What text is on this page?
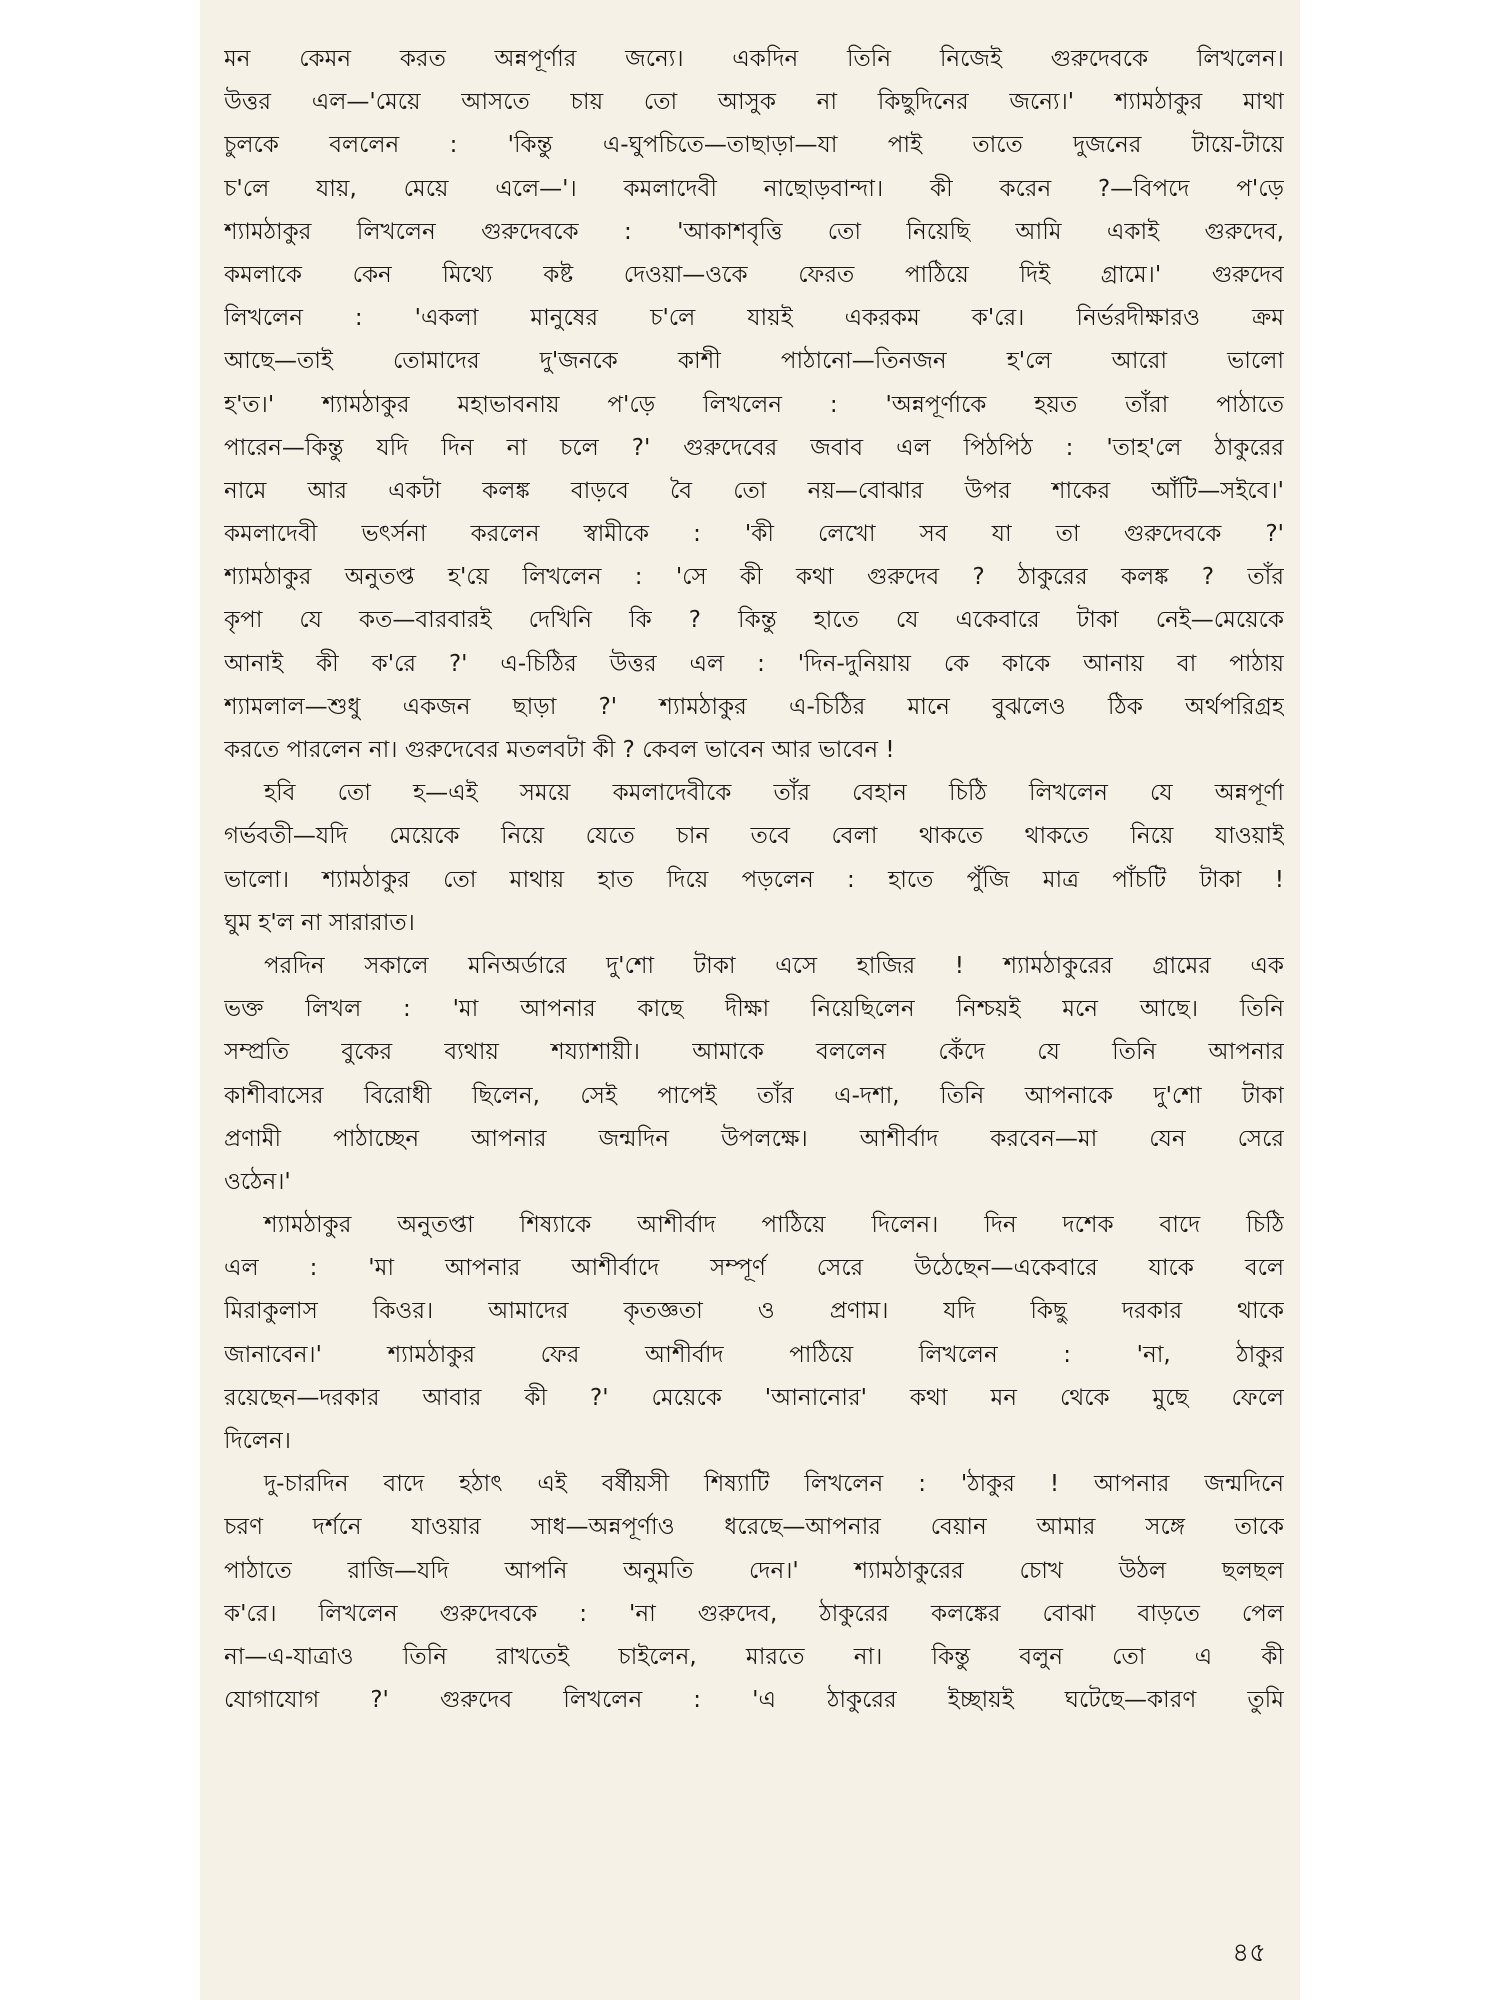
মন কেমন করত অন্নপূর্ণার জন্যে। একদিন তিনি নিজেই গুরুদেবকে লিখলেন।
উত্তর এল—'মেয়ে আসতে চায় তো আসুক না কিছুদিনের জন্যে।' শ্যামঠাকুর মাথা
চুলকে বললেন : 'কিন্তু এ-ঘুপচিতে—তাছাড়া—যা পাই তাতে দুজনের টায়ে-টায়ে
চ'লে যায়, মেয়ে এলে—'। কমলাদেবী নাছোড়বান্দা। কী করেন ?—বিপদে প'ড়ে
শ্যামঠাকুর লিখলেন গুরুদেবকে : 'আকাশবৃত্তি তো নিয়েছি আমি একাই গুরুদেব,
কমলাকে কেন মিথ্যে কষ্ট দেওয়া—ওকে ফেরত পাঠিয়ে দিই গ্রামে।' গুরুদেব
লিখলেন : 'একলা মানুষের চ'লে যায়ই একরকম ক'রে। নির্ভরদীক্ষারও ক্রম
আছে—তাই তোমাদের দু'জনকে কাশী পাঠানো—তিনজন হ'লে আরো ভালো
হ'ত।' শ্যামঠাকুর মহাভাবনায় প'ড়ে লিখলেন : 'অন্নপূর্ণাকে হয়ত তাঁরা পাঠাতে
পারেন—কিন্তু যদি দিন না চলে ?' গুরুদেবের জবাব এল পিঠপিঠ : 'তাহ'লে ঠাকুরের
নামে আর একটা কলঙ্ক বাড়বে বৈ তো নয়—বোঝার উপর শাকের আঁটি—সইবে।'
কমলাদেবী ভৎর্সনা করলেন স্বামীকে : 'কী লেখো সব যা তা গুরুদেবকে ?'
শ্যামঠাকুর অনুতপ্ত হ'য়ে লিখলেন : 'সে কী কথা গুরুদেব ? ঠাকুরের কলঙ্ক ? তাঁর
কৃপা যে কত—বারবারই দেখিনি কি ? কিন্তু হাতে যে একেবারে টাকা নেই—মেয়েকে
আনাই কী ক'রে ?' এ-চিঠির উত্তর এল : 'দিন-দুনিয়ায় কে কাকে আনায় বা পাঠায়
শ্যামলাল—শুধু একজন ছাড়া ?' শ্যামঠাকুর এ-চিঠির মানে বুঝলেও ঠিক অর্থপরিগ্রহ
করতে পারলেন না। গুরুদেবের মতলবটা কী ? কেবল ভাবেন আর ভাবেন !
হবি তো হ—এই সময়ে কমলাদেবীকে তাঁর বেহান চিঠি লিখলেন যে অন্নপূর্ণা
গর্ভবতী—যদি মেয়েকে নিয়ে যেতে চান তবে বেলা থাকতে থাকতে নিয়ে যাওয়াই
ভালো। শ্যামঠাকুর তো মাথায় হাত দিয়ে পড়লেন : হাতে পুঁজি মাত্র পাঁচটি টাকা !
ঘুম হ'ল না সারারাত।
পরদিন সকালে মনিঅর্ডারে দু'শো টাকা এসে হাজির ! শ্যামঠাকুরের গ্রামের এক
ভক্ত লিখল : 'মা আপনার কাছে দীক্ষা নিয়েছিলেন নিশ্চয়ই মনে আছে। তিনি
সম্প্রতি বুকের ব্যথায় শয্যাশায়ী। আমাকে বললেন কেঁদে যে তিনি আপনার
কাশীবাসের বিরোধী ছিলেন, সেই পাপেই তাঁর এ-দশা, তিনি আপনাকে দু'শো টাকা
প্রণামী পাঠাচ্ছেন আপনার জন্মদিন উপলক্ষে। আশীর্বাদ করবেন—মা যেন সেরে
ওঠেন।'
শ্যামঠাকুর অনুতপ্তা শিষ্যাকে আশীর্বাদ পাঠিয়ে দিলেন। দিন দশেক বাদে চিঠি
এল : 'মা আপনার আশীর্বাদে সম্পূর্ণ সেরে উঠেছেন—একেবারে যাকে বলে
মিরাকুলাস কিওর। আমাদের কৃতজ্ঞতা ও প্রণাম। যদি কিছু দরকার থাকে
জানাবেন।' শ্যামঠাকুর ফের আশীর্বাদ পাঠিয়ে লিখলেন : 'না, ঠাকুর
রয়েছেন—দরকার আবার কী ?' মেয়েকে 'আনানোর' কথা মন থেকে মুছে ফেলে
দিলেন।
দু-চারদিন বাদে হঠাৎ এই বর্ষীয়সী শিষ্যাটি লিখলেন : 'ঠাকুর ! আপনার জন্মদিনে
চরণ দর্শনে যাওয়ার সাধ—অন্নপূর্ণাও ধরেছে—আপনার বেয়ান আমার সঙ্গে তাকে
পাঠাতে রাজি—যদি আপনি অনুমতি দেন।' শ্যামঠাকুরের চোখ উঠল ছলছল
ক'রে। লিখলেন গুরুদেবকে : 'না গুরুদেব, ঠাকুরের কলঙ্কের বোঝা বাড়তে পেল
না—এ-যাত্রাও তিনি রাখতেই চাইলেন, মারতে না। কিন্তু বলুন তো এ কী
যোগাযোগ ?' গুরুদেব লিখলেন : 'এ ঠাকুরের ইচ্ছায়ই ঘটেছে—কারণ তুমি
৪৫
